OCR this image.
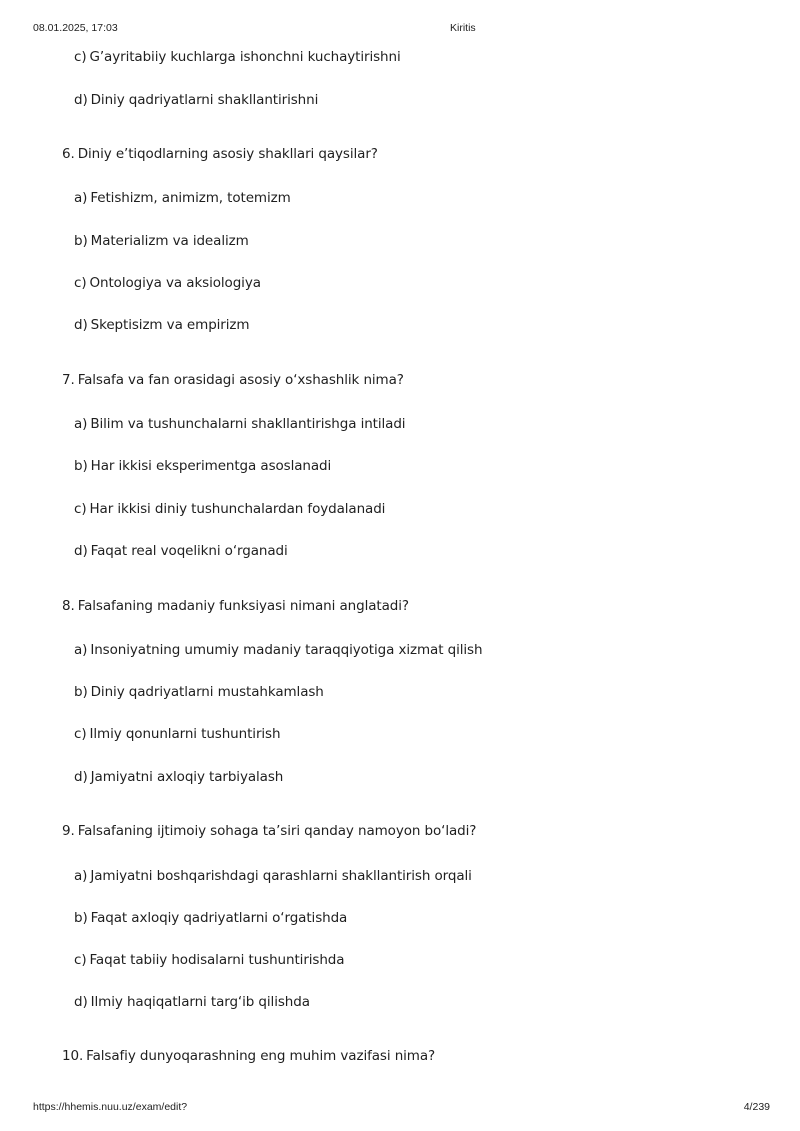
08.01.2025, 17:03	Kiritis
c) G’ayritabiiy kuchlarga ishonchni kuchaytirishni
d) Diniy qadriyatlarni shakllantirishni
6. Diniy e’tiqodlarning asosiy shakllari qaysilar?
a) Fetishizm, animizm, totemizm
b) Materializm va idealizm
c) Ontologiya va aksiologiya
d) Skeptisizm va empirizm
7. Falsafa va fan orasidagi asosiy o‘xshashlik nima?
a) Bilim va tushunchalarni shakllantirishga intiladi
b) Har ikkisi eksperimentga asoslanadi
c) Har ikkisi diniy tushunchalardan foydalanadi
d) Faqat real voqelikni o‘rganadi
8. Falsafaning madaniy funksiyasi nimani anglatadi?
a) Insoniyatning umumiy madaniy taraqqiyotiga xizmat qilish
b) Diniy qadriyatlarni mustahkamlash
c) Ilmiy qonunlarni tushuntirish
d) Jamiyatni axloqiy tarbiyalash
9. Falsafaning ijtimoiy sohaga ta’siri qanday namoyon bo‘ladi?
a) Jamiyatni boshqarishdagi qarashlarni shakllantirish orqali
b) Faqat axloqiy qadriyatlarni o‘rgatishda
c) Faqat tabiiy hodisalarni tushuntirishda
d) Ilmiy haqiqatlarni targ‘ib qilishda
10. Falsafiy dunyoqarashning eng muhim vazifasi nima?
https://hhemis.nuu.uz/exam/edit?	4/239
